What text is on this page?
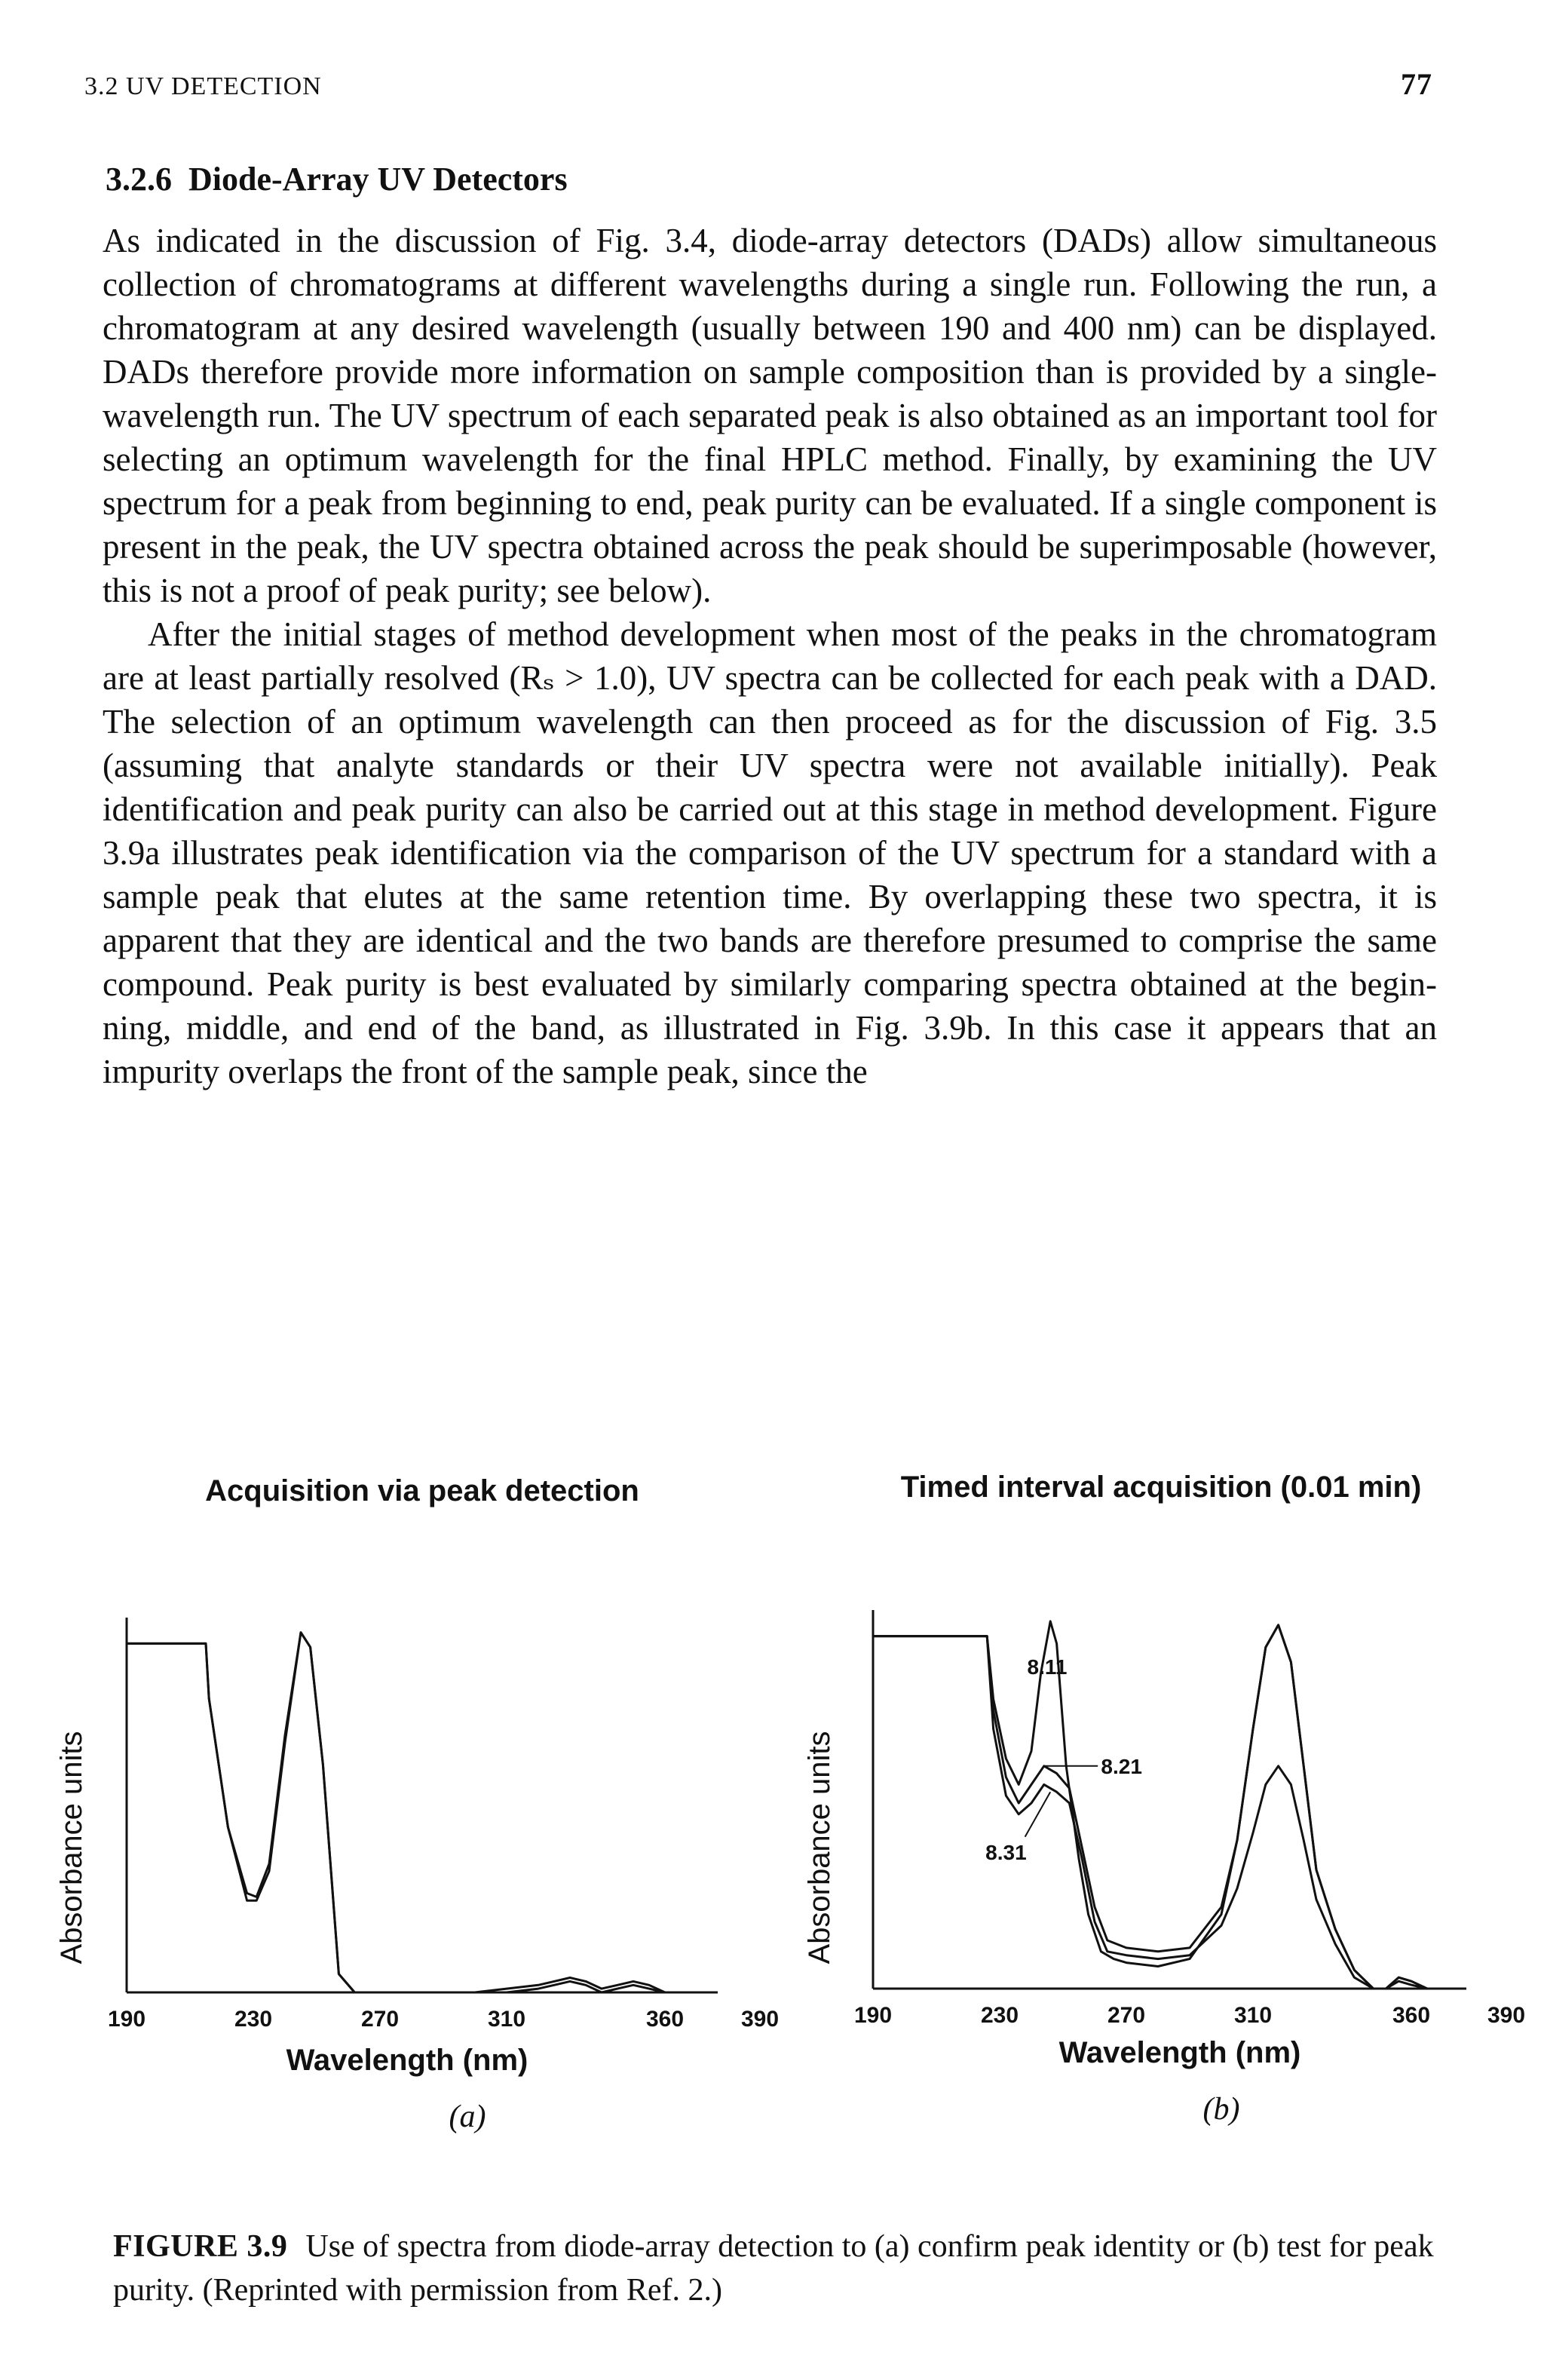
3.2 UV DETECTION	77
3.2.6 Diode-Array UV Detectors

As indicated in the discussion of Fig. 3.4, diode-array detectors (DADs) allow simultaneous collection of chromatograms at different wavelengths during a single run. Following the run, a chromatogram at any desired wavelength (usually between 190 and 400 nm) can be displayed. DADs therefore provide more information on sample composition than is provided by a single-wavelength run. The UV spectrum of each separated peak is also obtained as an important tool for selecting an optimum wavelength for the final HPLC method. Finally, by examining the UV spectrum for a peak from beginning to end, peak purity can be evaluated. If a single component is present in the peak, the UV spectra obtained across the peak should be superimposable (however, this is not a proof of peak purity; see below).

After the initial stages of method development when most of the peaks in the chromatogram are at least partially resolved (Rₛ > 1.0), UV spectra can be collected for each peak with a DAD. The selection of an optimum wavelength can then proceed as for the discussion of Fig. 3.5 (assuming that analyte standards or their UV spectra were not available initially). Peak identification and peak purity can also be carried out at this stage in method development. Figure 3.9a illustrates peak identification via the comparison of the UV spectrum for a standard with a sample peak that elutes at the same retention time. By overlapping these two spectra, it is apparent that they are identical and the two bands are therefore presumed to comprise the same compound. Peak purity is best evaluated by similarly comparing spectra obtained at the beginning, middle, and end of the band, as illustrated in Fig. 3.9b. In this case it appears that an impurity overlaps the front of the sample peak, since the

Acquisition via peak detection
Absorbance units
190	230	270	310	360	390
Wavelength (nm)
(a)
Timed interval acquisition (0.01 min)
Absorbance units
190	230	270	310	360	390
8.11
8.21
8.31
Wavelength (nm)
(b)
FIGURE 3.9 Use of spectra from diode-array detection to (a) confirm peak identity or (b) test for peak purity. (Reprinted with permission from Ref. 2.)
